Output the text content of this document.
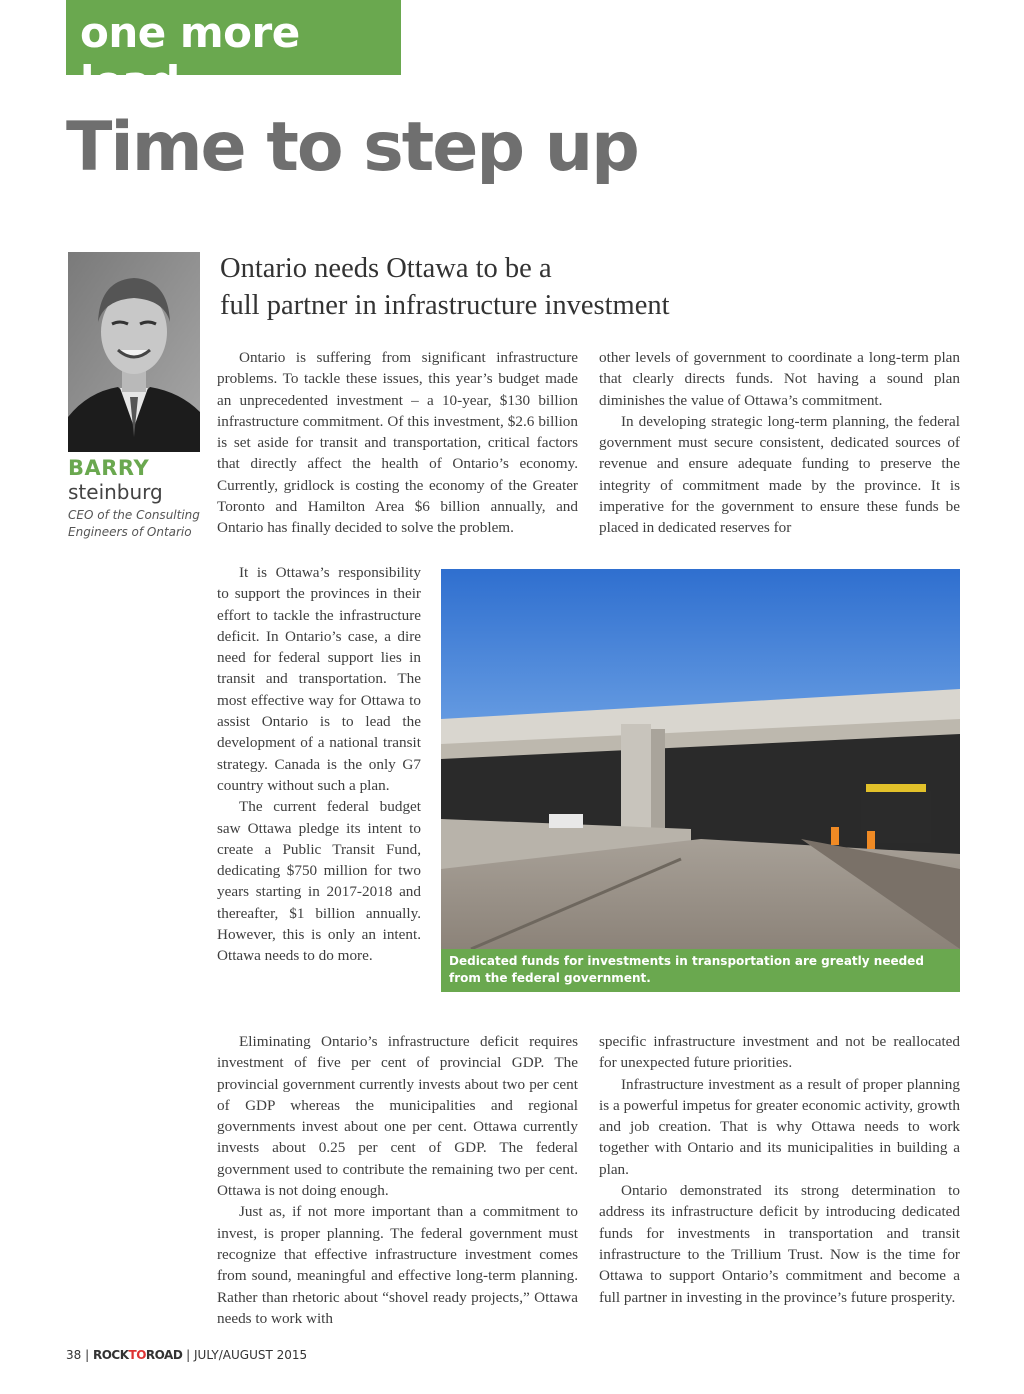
one more load
Time to step up
Ontario needs Ottawa to be a
full partner in infrastructure investment
BARRY
steinburg
CEO of the Consulting
Engineers of Ontario

Ontario is suffering from significant infrastructure problems. To tackle these issues, this year’s budget made an unprecedented investment – a 10-year, $130 billion infrastructure commitment. Of this investment, $2.6 billion is set aside for transit and transportation, critical factors that directly affect the health of Ontario’s economy. Currently, gridlock is costing the economy of the Greater Toronto and Hamilton Area $6 billion annually, and Ontario has finally decided to solve the problem.

It is Ottawa’s responsibility to support the provinces in their effort to tackle the infrastructure deficit. In Ontario’s case, a dire need for federal support lies in transit and transportation. The most effective way for Ottawa to assist Ontario is to lead the development of a national transit strategy. Canada is the only G7 country without such a plan.

The current federal budget saw Ottawa pledge its intent to create a Public Transit Fund, dedicating $750 million for two years starting in 2017-2018 and thereafter, $1 billion annually. However, this is only an intent. Ottawa needs to do more.

Eliminating Ontario’s infrastructure deficit requires investment of five per cent of provincial GDP. The provincial government currently invests about two per cent of GDP whereas the municipalities and regional governments invest about one per cent. Ottawa currently invests about 0.25 per cent of GDP. The federal government used to contribute the remaining two per cent. Ottawa is not doing enough.

Just as, if not more important than a commitment to invest, is proper planning. The federal government must recognize that effective infrastructure investment comes from sound, meaningful and effective long-term planning. Rather than rhetoric about “shovel ready projects,” Ottawa needs to work with

other levels of government to coordinate a long-term plan that clearly directs funds. Not having a sound plan diminishes the value of Ottawa’s commitment.

In developing strategic long-term planning, the federal government must secure consistent, dedicated sources of revenue and ensure adequate funding to preserve the integrity of commitment made by the province. It is imperative for the government to ensure these funds be placed in dedicated reserves for

Dedicated funds for investments in transportation are greatly needed from the federal government.

specific infrastructure investment and not be reallocated for unexpected future priorities.

Infrastructure investment as a result of proper planning is a powerful impetus for greater economic activity, growth and job creation. That is why Ottawa needs to work together with Ontario and its municipalities in building a plan.

Ontario demonstrated its strong determination to address its infrastructure deficit by introducing dedicated funds for investments in transportation and transit infrastructure to the Trillium Trust. Now is the time for Ottawa to support Ontario’s commitment and become a full partner in investing in the province’s future prosperity.

38 | ROCKTOROAD | JULY/AUGUST 2015
